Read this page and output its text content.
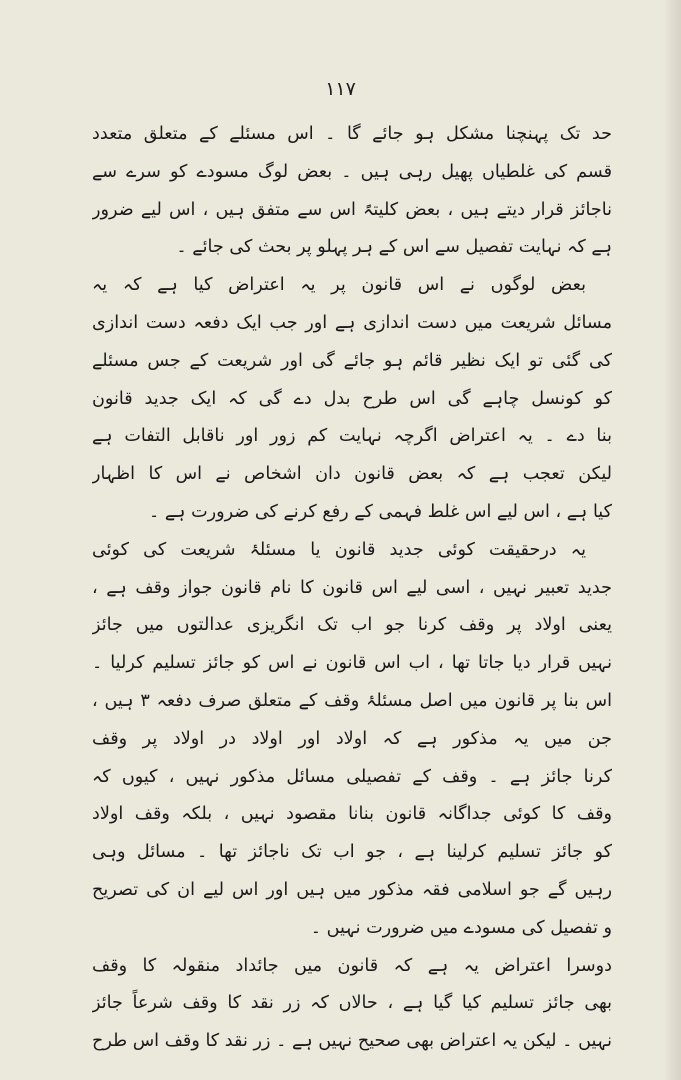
۱۱۷
حد تک پہنچنا مشکل ہو جائے گا ۔ اس مسئلے کے متعلق متعدد
قسم کی غلطیاں پھیل رہی ہیں ۔ بعض لوگ مسودے کو سرے سے
ناجائز قرار دیتے ہیں ، بعض کلیتہً اس سے متفق ہیں ، اس لیے ضرور
ہے کہ نہایت تفصیل سے اس کے ہر پہلو پر بحث کی جائے ۔
بعض لوگوں نے اس قانون پر یہ اعتراض کیا ہے کہ یہ
مسائل شریعت میں دست اندازی ہے اور جب ایک دفعہ دست اندازی
کی گئی تو ایک نظیر قائم ہو جائے گی اور شریعت کے جس مسئلے
کو کونسل چاہے گی اس طرح بدل دے گی کہ ایک جدید قانون
بنا دے ۔ یہ اعتراض اگرچہ نہایت کم زور اور ناقابل التفات ہے
لیکن تعجب ہے کہ بعض قانون دان اشخاص نے اس کا اظہار
کیا ہے ، اس لیے اس غلط فہمی کے رفع کرنے کی ضرورت ہے ۔
یہ درحقیقت کوئی جدید قانون یا مسئلۂ شریعت کی کوئی
جدید تعبیر نہیں ، اسی لیے اس قانون کا نام قانون جواز وقف ہے ،
یعنی اولاد پر وقف کرنا جو اب تک انگریزی عدالتوں میں جائز
نہیں قرار دیا جاتا تھا ، اب اس قانون نے اس کو جائز تسلیم کرلیا ۔
اس بنا پر قانون میں اصل مسئلۂ وقف کے متعلق صرف دفعہ ۳ ہیں ،
جن میں یہ مذکور ہے کہ اولاد اور اولاد در اولاد پر وقف
کرنا جائز ہے ۔ وقف کے تفصیلی مسائل مذکور نہیں ، کیوں کہ
وقف کا کوئی جداگانہ قانون بنانا مقصود نہیں ، بلکہ وقف اولاد
کو جائز تسلیم کرلینا ہے ، جو اب تک ناجائز تھا ۔ مسائل وہی
رہیں گے جو اسلامی فقہ مذکور میں ہیں اور اس لیے ان کی تصریح
و تفصیل کی مسودے میں ضرورت نہیں ۔
دوسرا اعتراض یہ ہے کہ قانون میں جائداد منقولہ کا وقف
بھی جائز تسلیم کیا گیا ہے ، حالاں کہ زر نقد کا وقف شرعاً جائز
نہیں ۔ لیکن یہ اعتراض بھی صحیح نہیں ہے ۔ زر نقد کا وقف اس طرح
